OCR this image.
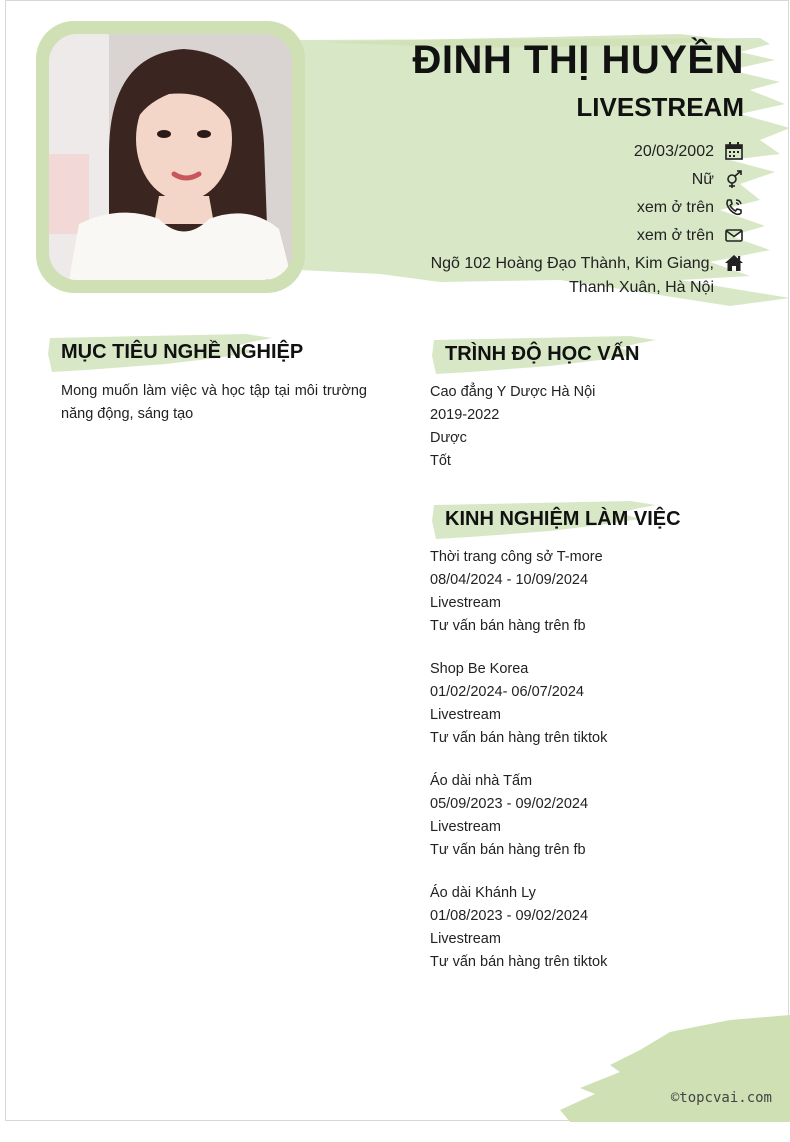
ĐINH THỊ HUYỀN
LIVESTREAM
20/03/2002
Nữ
xem ở trên
xem ở trên
Ngõ 102 Hoàng Đạo Thành, Kim Giang, Thanh Xuân, Hà Nội
MỤC TIÊU NGHỀ NGHIỆP

Mong muốn làm việc và học tập tại môi trường năng động, sáng tạo

TRÌNH ĐỘ HỌC VẤN
Cao đẳng Y Dược Hà Nội
2019-2022
Dược
Tốt
KINH NGHIỆM LÀM VIỆC
Thời trang công sở T-more
08/04/2024 - 10/09/2024
Livestream
Tư vấn bán hàng trên fb
Shop Be Korea
01/02/2024- 06/07/2024
Livestream
Tư vấn bán hàng trên tiktok
Áo dài nhà Tấm
05/09/2023 - 09/02/2024
Livestream
Tư vấn bán hàng trên fb
Áo dài Khánh Ly
01/08/2023 - 09/02/2024
Livestream
Tư vấn bán hàng trên tiktok
©topcvai.com
